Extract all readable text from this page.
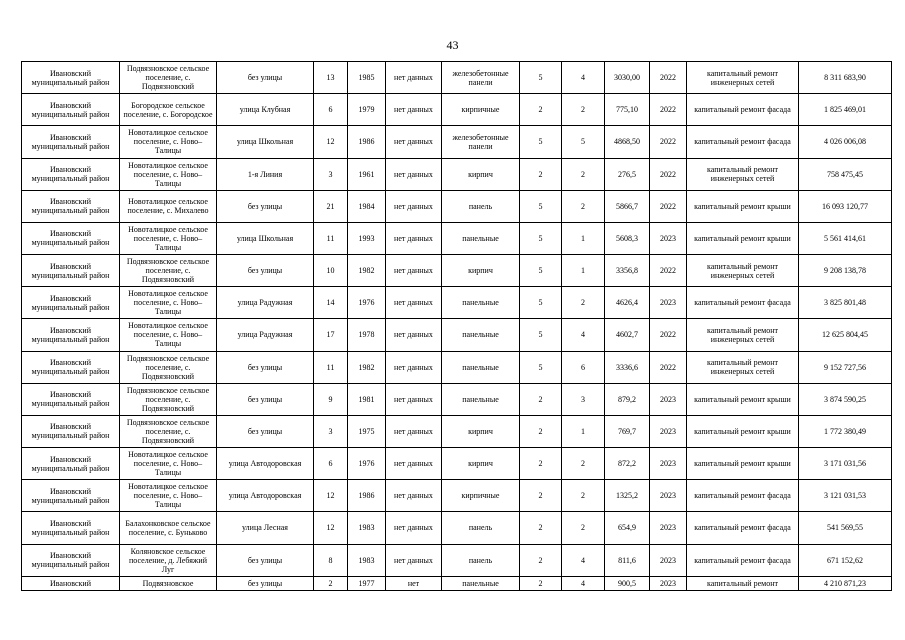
43
Ивановский муниципальный район	Подвязновское сельское поселение, с. Подвязновский	без улицы	13	1985	нет данных	железобетонные панели	5	4	3030,00	2022	капитальный ремонт инженерных сетей	8 311 683,90
Ивановский муниципальный район	Богородское сельское поселение, с. Богородское	улица Клубная	6	1979	нет данных	кирпичные	2	2	775,10	2022	капитальный ремонт фасада	1 825 469,01
Ивановский муниципальный район	Новоталицкое сельское поселение, с. Ново–Талицы	улица Школьная	12	1986	нет данных	железобетонные панели	5	5	4868,50	2022	капитальный ремонт фасада	4 026 006,08
Ивановский муниципальный район	Новоталицкое сельское поселение, с. Ново–Талицы	1-я Линия	3	1961	нет данных	кирпич	2	2	276,5	2022	капитальный ремонт инженерных сетей	758 475,45
Ивановский муниципальный район	Новоталицкое сельское поселение, с. Михалево	без улицы	21	1984	нет данных	панель	5	2	5866,7	2022	капитальный ремонт крыши	16 093 120,77
Ивановский муниципальный район	Новоталицкое сельское поселение, с. Ново–Талицы	улица Школьная	11	1993	нет данных	панельные	5	1	5608,3	2023	капитальный ремонт крыши	5 561 414,61
Ивановский муниципальный район	Подвязновское сельское поселение, с. Подвязновский	без улицы	10	1982	нет данных	кирпич	5	1	3356,8	2022	капитальный ремонт инженерных сетей	9 208 138,78
Ивановский муниципальный район	Новоталицкое сельское поселение, с. Ново–Талицы	улица Радужная	14	1976	нет данных	панельные	5	2	4626,4	2023	капитальный ремонт фасада	3 825 801,48
Ивановский муниципальный район	Новоталицкое сельское поселение, с. Ново–Талицы	улица Радужная	17	1978	нет данных	панельные	5	4	4602,7	2022	капитальный ремонт инженерных сетей	12 625 804,45
Ивановский муниципальный район	Подвязновское сельское поселение, с. Подвязновский	без улицы	11	1982	нет данных	панельные	5	6	3336,6	2022	капитальный ремонт инженерных сетей	9 152 727,56
Ивановский муниципальный район	Подвязновское сельское поселение, с. Подвязновский	без улицы	9	1981	нет данных	панельные	2	3	879,2	2023	капитальный ремонт крыши	3 874 590,25
Ивановский муниципальный район	Подвязновское сельское поселение, с. Подвязновский	без улицы	3	1975	нет данных	кирпич	2	1	769,7	2023	капитальный ремонт крыши	1 772 380,49
Ивановский муниципальный район	Новоталицкое сельское поселение, с. Ново–Талицы	улица Автодоровская	6	1976	нет данных	кирпич	2	2	872,2	2023	капитальный ремонт крыши	3 171 031,56
Ивановский муниципальный район	Новоталицкое сельское поселение, с. Ново–Талицы	улица Автодоровская	12	1986	нет данных	кирпичные	2	2	1325,2	2023	капитальный ремонт фасада	3 121 031,53
Ивановский муниципальный район	Балахонковское сельское поселение, с. Буньково	улица Лесная	12	1983	нет данных	панель	2	2	654,9	2023	капитальный ремонт фасада	541 569,55
Ивановский муниципальный район	Коляновское сельское поселение, д. Лебяжий Луг	без улицы	8	1983	нет данных	панель	2	4	811,6	2023	капитальный ремонт фасада	671 152,62
Ивановский	Подвязновское	без улицы	2	1977	нет	панельные	2	4	900,5	2023	капитальный ремонт	4 210 871,23
